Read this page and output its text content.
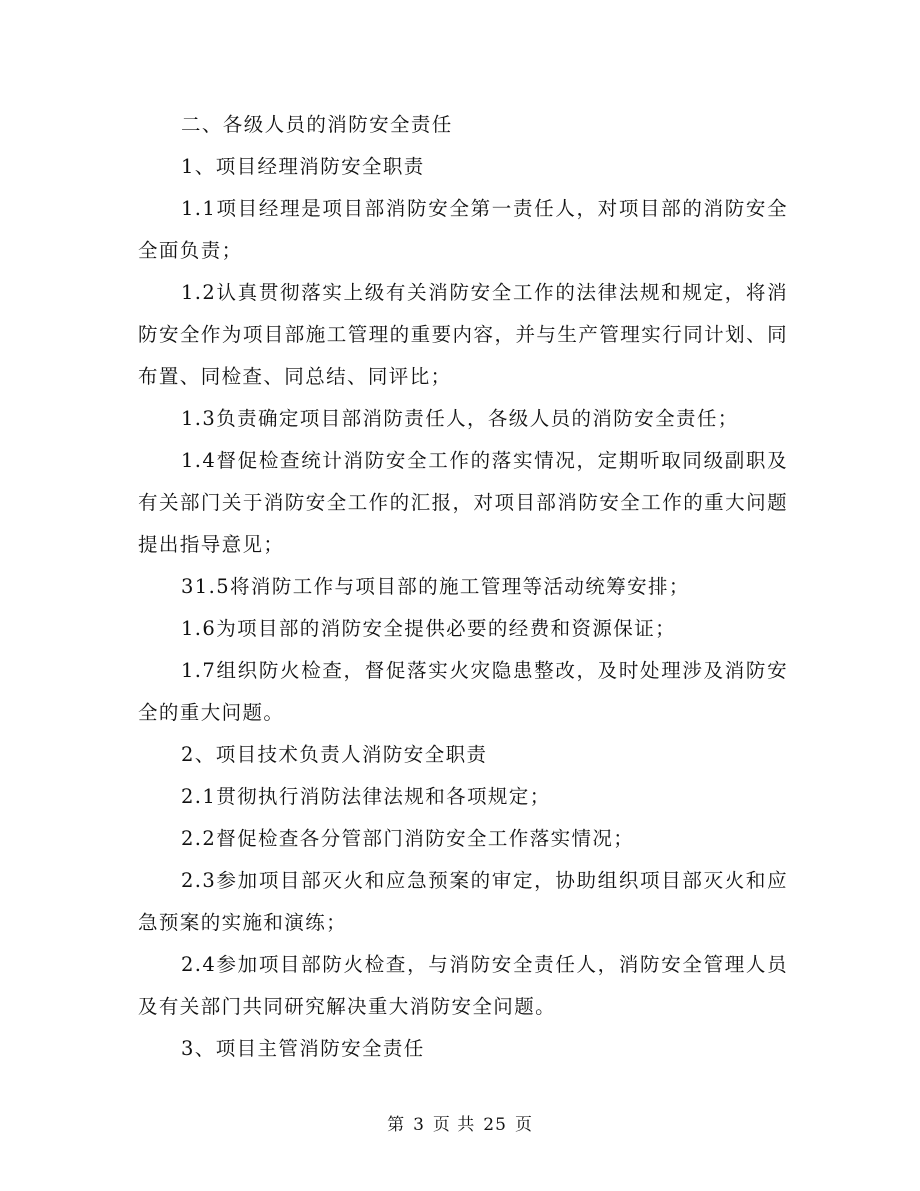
二、各级人员的消防安全责任

1、项目经理消防安全职责

1.1项目经理是项目部消防安全第一责任人，对项目部的消防安全全面负责；

1.2认真贯彻落实上级有关消防安全工作的法律法规和规定，将消防安全作为项目部施工管理的重要内容，并与生产管理实行同计划、同布置、同检查、同总结、同评比；

1.3负责确定项目部消防责任人，各级人员的消防安全责任；

1.4督促检查统计消防安全工作的落实情况，定期听取同级副职及有关部门关于消防安全工作的汇报，对项目部消防安全工作的重大问题提出指导意见；

31.5将消防工作与项目部的施工管理等活动统筹安排；

1.6为项目部的消防安全提供必要的经费和资源保证；

1.7组织防火检查，督促落实火灾隐患整改，及时处理涉及消防安全的重大问题。

2、项目技术负责人消防安全职责

2.1贯彻执行消防法律法规和各项规定；

2.2督促检查各分管部门消防安全工作落实情况；

2.3参加项目部灭火和应急预案的审定，协助组织项目部灭火和应急预案的实施和演练；

2.4参加项目部防火检查，与消防安全责任人，消防安全管理人员及有关部门共同研究解决重大消防安全问题。

3、项目主管消防安全责任

第 3 页 共 25 页
